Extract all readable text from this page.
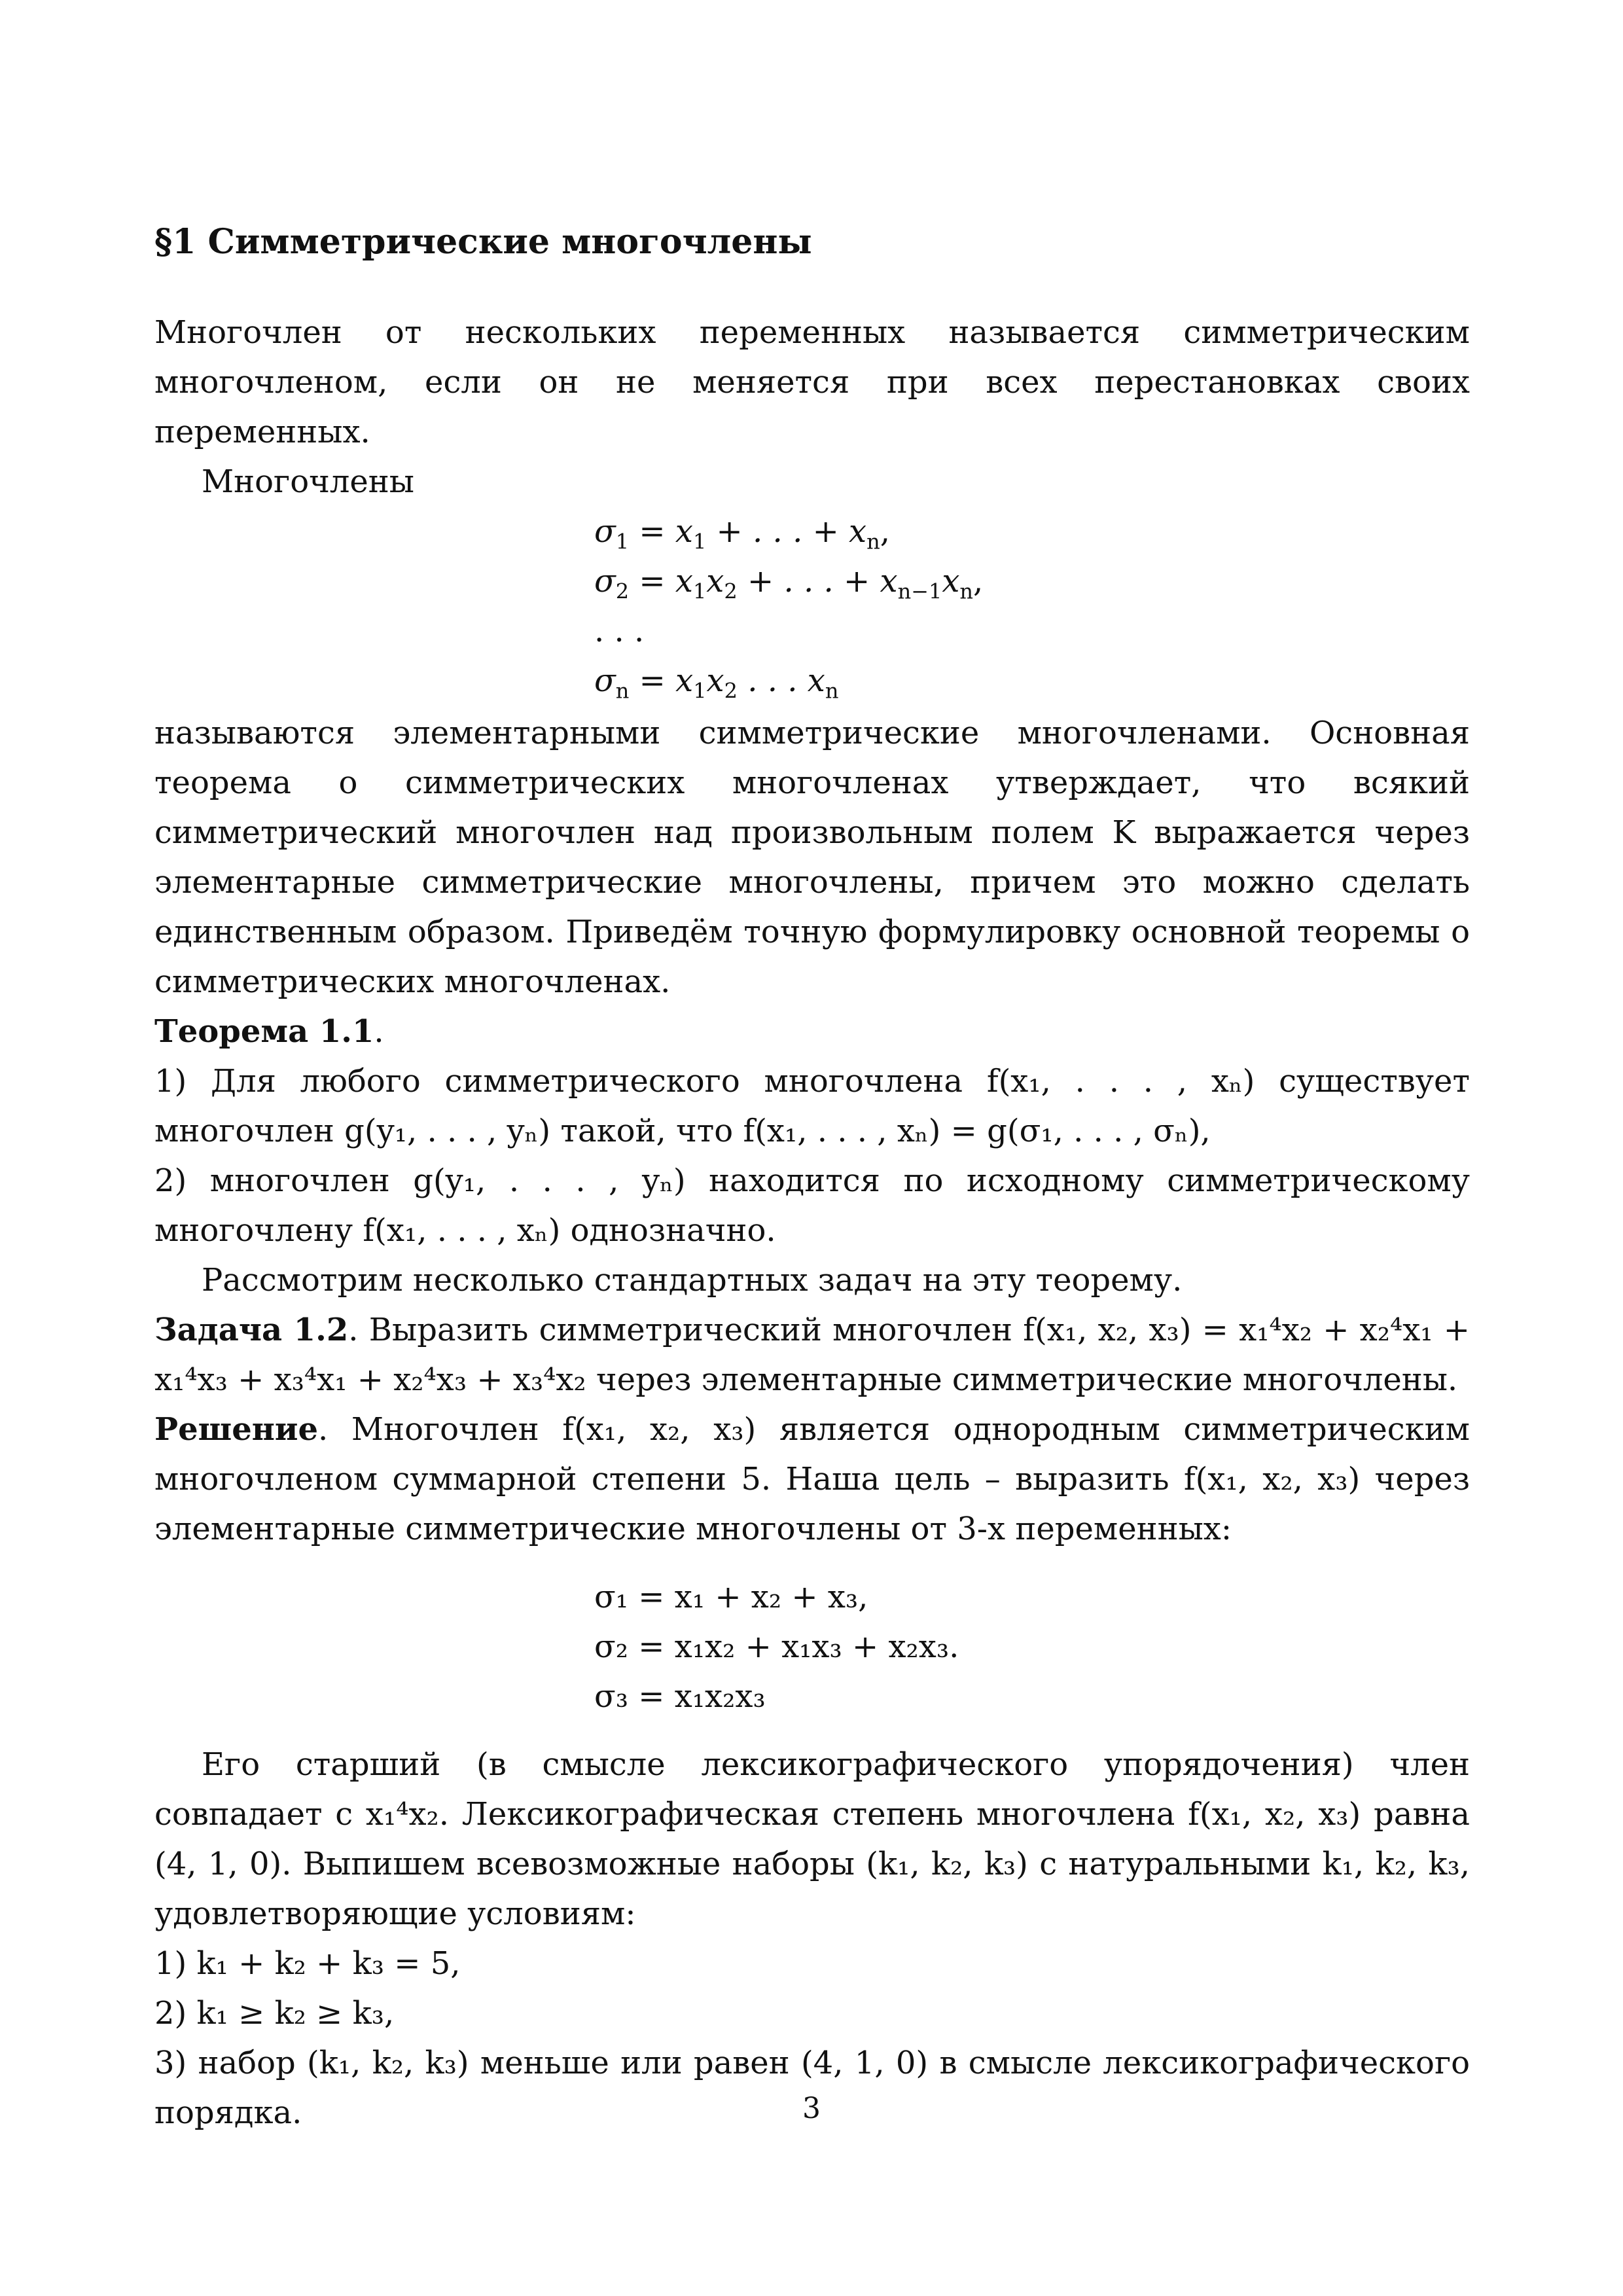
§1 Симметрические многочлены

Многочлен от нескольких переменных называется симметрическим многочленом, если он не меняется при всех перестановках своих переменных.

Многочлены

$\sigma_1 = x_1$ + . . . + $x_n$,
$\sigma_2 = x_1x_2$ + . . . + $x_{n-1}x_n$,
. . .
$\sigma_n = x_1x_2$ . . . $x_n$

называются элементарными симметрические многочленами. Основная теорема о симметрических многочленах утверждает, что всякий симметрический многочлен над произвольным полем K выражается через элементарные симметрические многочлены, причем это можно сделать единственным образом. Приведём точную формулировку основной теоремы о симметрических многочленах.

Теорема 1.1.

1) Для любого симметрического многочлена f(x₁, . . . , xₙ) существует многочлен g(y₁, . . . , yₙ) такой, что f(x₁, . . . , xₙ) = g(σ₁, . . . , σₙ),

2) многочлен g(y₁, . . . , yₙ) находится по исходному симметрическому многочлену f(x₁, . . . , xₙ) однозначно.

Рассмотрим несколько стандартных задач на эту теорему.

Задача 1.2. Выразить симметрический многочлен f(x₁, x₂, x₃) = x₁⁴x₂ + x₂⁴x₁ + x₁⁴x₃ + x₃⁴x₁ + x₂⁴x₃ + x₃⁴x₂ через элементарные симметрические многочлены.

Решение. Многочлен f(x₁, x₂, x₃) является однородным симметрическим многочленом суммарной степени 5. Наша цель – выразить f(x₁, x₂, x₃) через элементарные симметрические многочлены от 3-х переменных:

σ₁ = x₁ + x₂ + x₃,
σ₂ = x₁x₂ + x₁x₃ + x₂x₃.
σ₃ = x₁x₂x₃

Его старший (в смысле лексикографического упорядочения) член совпадает с x₁⁴x₂. Лексикографическая степень многочлена f(x₁, x₂, x₃) равна (4, 1, 0). Выпишем всевозможные наборы (k₁, k₂, k₃) с натуральными k₁, k₂, k₃, удовлетворяющие условиям:

1) k₁ + k₂ + k₃ = 5,

2) k₁ ≥ k₂ ≥ k₃,

3) набор (k₁, k₂, k₃) меньше или равен (4, 1, 0) в смысле лексикографического порядка.	3
